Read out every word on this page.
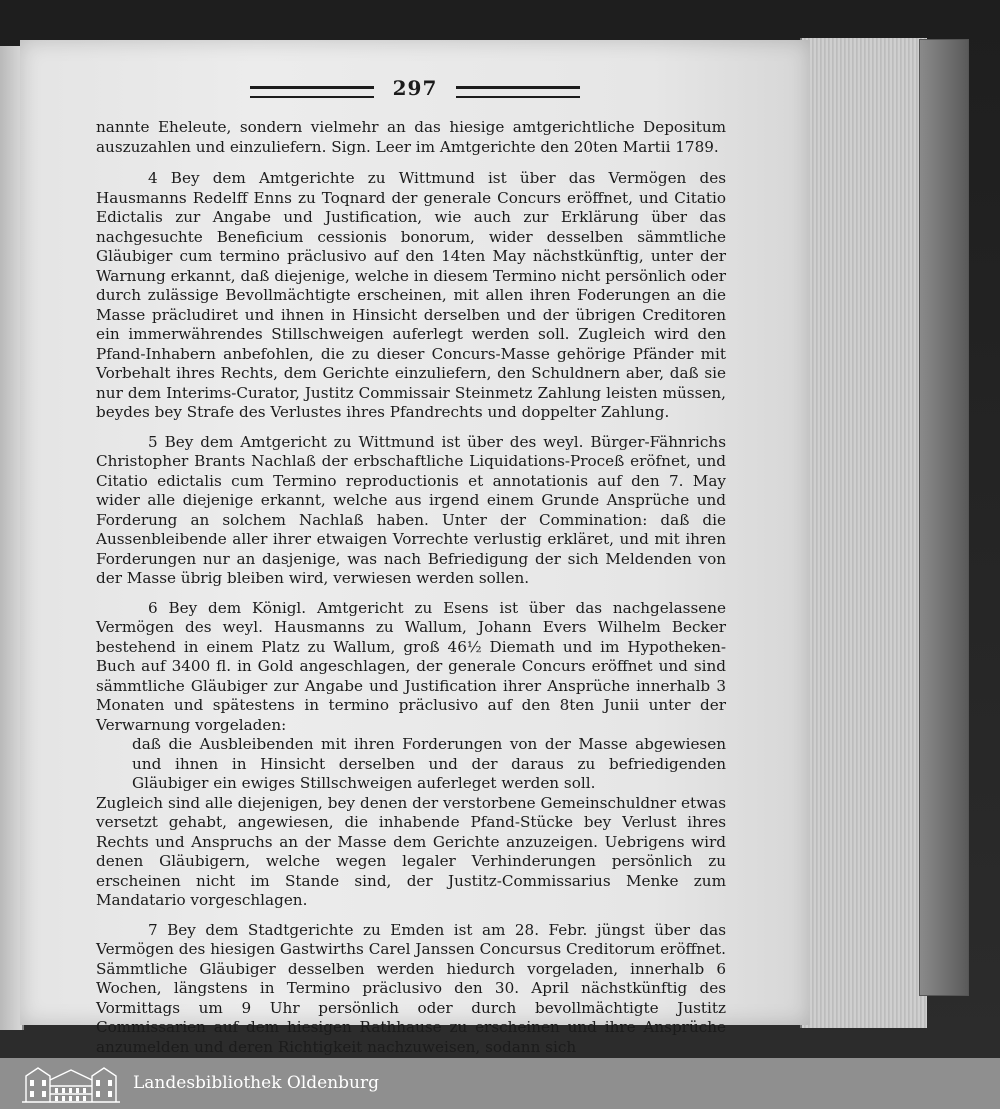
297

nannte Eheleute, sondern vielmehr an das hiesige amtgerichtliche Depositum auszuzahlen und einzuliefern. Sign. Leer im Amtgerichte den 20ten Martii 1789.

4 Bey dem Amtgerichte zu Wittmund ist über das Vermögen des Hausmanns Redelff Enns zu Toqnard der generale Concurs eröffnet, und Citatio Edictalis zur Angabe und Justification, wie auch zur Erklärung über das nachgesuchte Beneficium cessionis bonorum, wider desselben sämmtliche Gläubiger cum termino präclusivo auf den 14ten May nächstkünftig, unter der Warnung erkannt, daß diejenige, welche in diesem Termino nicht persönlich oder durch zulässige Bevollmächtigte erscheinen, mit allen ihren Foderungen an die Masse präcludiret und ihnen in Hinsicht derselben und der übrigen Creditoren ein immerwährendes Stillschweigen auferlegt werden soll. Zugleich wird den Pfand-Inhabern anbefohlen, die zu dieser Concurs-Masse gehörige Pfänder mit Vorbehalt ihres Rechts, dem Gerichte einzuliefern, den Schuldnern aber, daß sie nur dem Interims-Curator, Justitz Commissair Steinmetz Zahlung leisten müssen, beydes bey Strafe des Verlustes ihres Pfandrechts und doppelter Zahlung.

5 Bey dem Amtgericht zu Wittmund ist über des weyl. Bürger-Fähnrichs Christopher Brants Nachlaß der erbschaftliche Liquidations-Proceß eröfnet, und Citatio edictalis cum Termino reproductionis et annotationis auf den 7. May wider alle diejenige erkannt, welche aus irgend einem Grunde Ansprüche und Forderung an solchem Nachlaß haben. Unter der Commination: daß die Aussenbleibende aller ihrer etwaigen Vorrechte verlustig erkläret, und mit ihren Forderungen nur an dasjenige, was nach Befriedigung der sich Meldenden von der Masse übrig bleiben wird, verwiesen werden sollen.

6 Bey dem Königl. Amtgericht zu Esens ist über das nachgelassene Vermögen des weyl. Hausmanns zu Wallum, Johann Evers Wilhelm Becker bestehend in einem Platz zu Wallum, groß 46½ Diemath und im Hypotheken-Buch auf 3400 fl. in Gold angeschlagen, der generale Concurs eröffnet und sind sämmtliche Gläubiger zur Angabe und Justification ihrer Ansprüche innerhalb 3 Monaten und spätestens in termino präclusivo auf den 8ten Junii unter der Verwarnung vorgeladen:

daß die Ausbleibenden mit ihren Forderungen von der Masse abgewiesen und ihnen in Hinsicht derselben und der daraus zu befriedigenden Gläubiger ein ewiges Stillschweigen auferleget werden soll.

Zugleich sind alle diejenigen, bey denen der verstorbene Gemeinschuldner etwas versetzt gehabt, angewiesen, die inhabende Pfand-Stücke bey Verlust ihres Rechts und Anspruchs an der Masse dem Gerichte anzuzeigen. Uebrigens wird denen Gläubigern, welche wegen legaler Verhinderungen persönlich zu erscheinen nicht im Stande sind, der Justitz-Commissarius Menke zum Mandatario vorgeschlagen.

7 Bey dem Stadtgerichte zu Emden ist am 28. Febr. jüngst über das Vermögen des hiesigen Gastwirths Carel Janssen Concursus Creditorum eröffnet. Sämmtliche Gläubiger desselben werden hiedurch vorgeladen, innerhalb 6 Wochen, längstens in Termino präclusivo den 30. April nächstkünftig des Vormittags um 9 Uhr persönlich oder durch bevollmächtigte Justitz Commissarien auf dem hiesigen Rathhause zu erscheinen und ihre Ansprüche anzumelden und deren Richtigkeit nachzuweisen, sodann sich

Landesbibliothek Oldenburg
